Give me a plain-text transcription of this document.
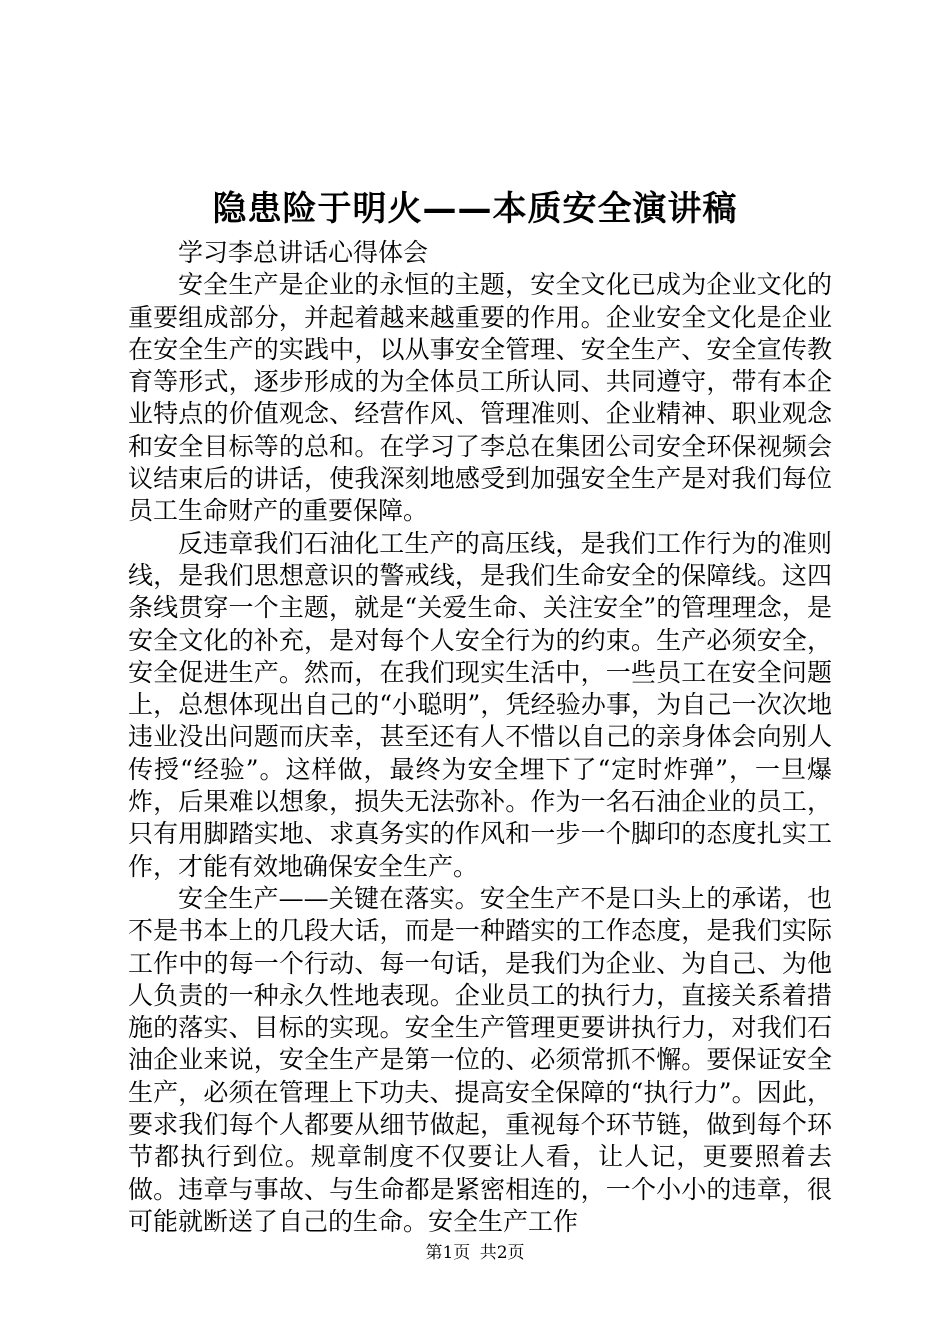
隐患险于明火——本质安全演讲稿

学习李总讲话心得体会

安全生产是企业的永恒的主题，安全文化已成为企业文化的重要组成部分，并起着越来越重要的作用。企业安全文化是企业在安全生产的实践中，以从事安全管理、安全生产、安全宣传教育等形式，逐步形成的为全体员工所认同、共同遵守，带有本企业特点的价值观念、经营作风、管理准则、企业精神、职业观念和安全目标等的总和。在学习了李总在集团公司安全环保视频会议结束后的讲话，使我深刻地感受到加强安全生产是对我们每位员工生命财产的重要保障。

反违章我们石油化工生产的高压线，是我们工作行为的准则线，是我们思想意识的警戒线，是我们生命安全的保障线。这四条线贯穿一个主题，就是“关爱生命、关注安全”的管理理念，是安全文化的补充，是对每个人安全行为的约束。生产必须安全，安全促进生产。然而，在我们现实生活中，一些员工在安全问题上，总想体现出自己的“小聪明”，凭经验办事，为自己一次次地违业没出问题而庆幸，甚至还有人不惜以自己的亲身体会向别人传授“经验”。这样做，最终为安全埋下了“定时炸弹”，一旦爆炸，后果难以想象，损失无法弥补。作为一名石油企业的员工，只有用脚踏实地、求真务实的作风和一步一个脚印的态度扎实工作，才能有效地确保安全生产。

安全生产——关键在落实。安全生产不是口头上的承诺，也不是书本上的几段大话，而是一种踏实的工作态度，是我们实际工作中的每一个行动、每一句话，是我们为企业、为自己、为他人负责的一种永久性地表现。企业员工的执行力，直接关系着措施的落实、目标的实现。安全生产管理更要讲执行力，对我们石油企业来说，安全生产是第一位的、必须常抓不懈。要保证安全生产，必须在管理上下功夫、提高安全保障的“执行力”。因此，要求我们每个人都要从细节做起，重视每个环节链，做到每个环节都执行到位。规章制度不仅要让人看，让人记，更要照着去做。违章与事故、与生命都是紧密相连的，一个小小的违章，很可能就断送了自己的生命。安全生产工作

第1页 共2页
